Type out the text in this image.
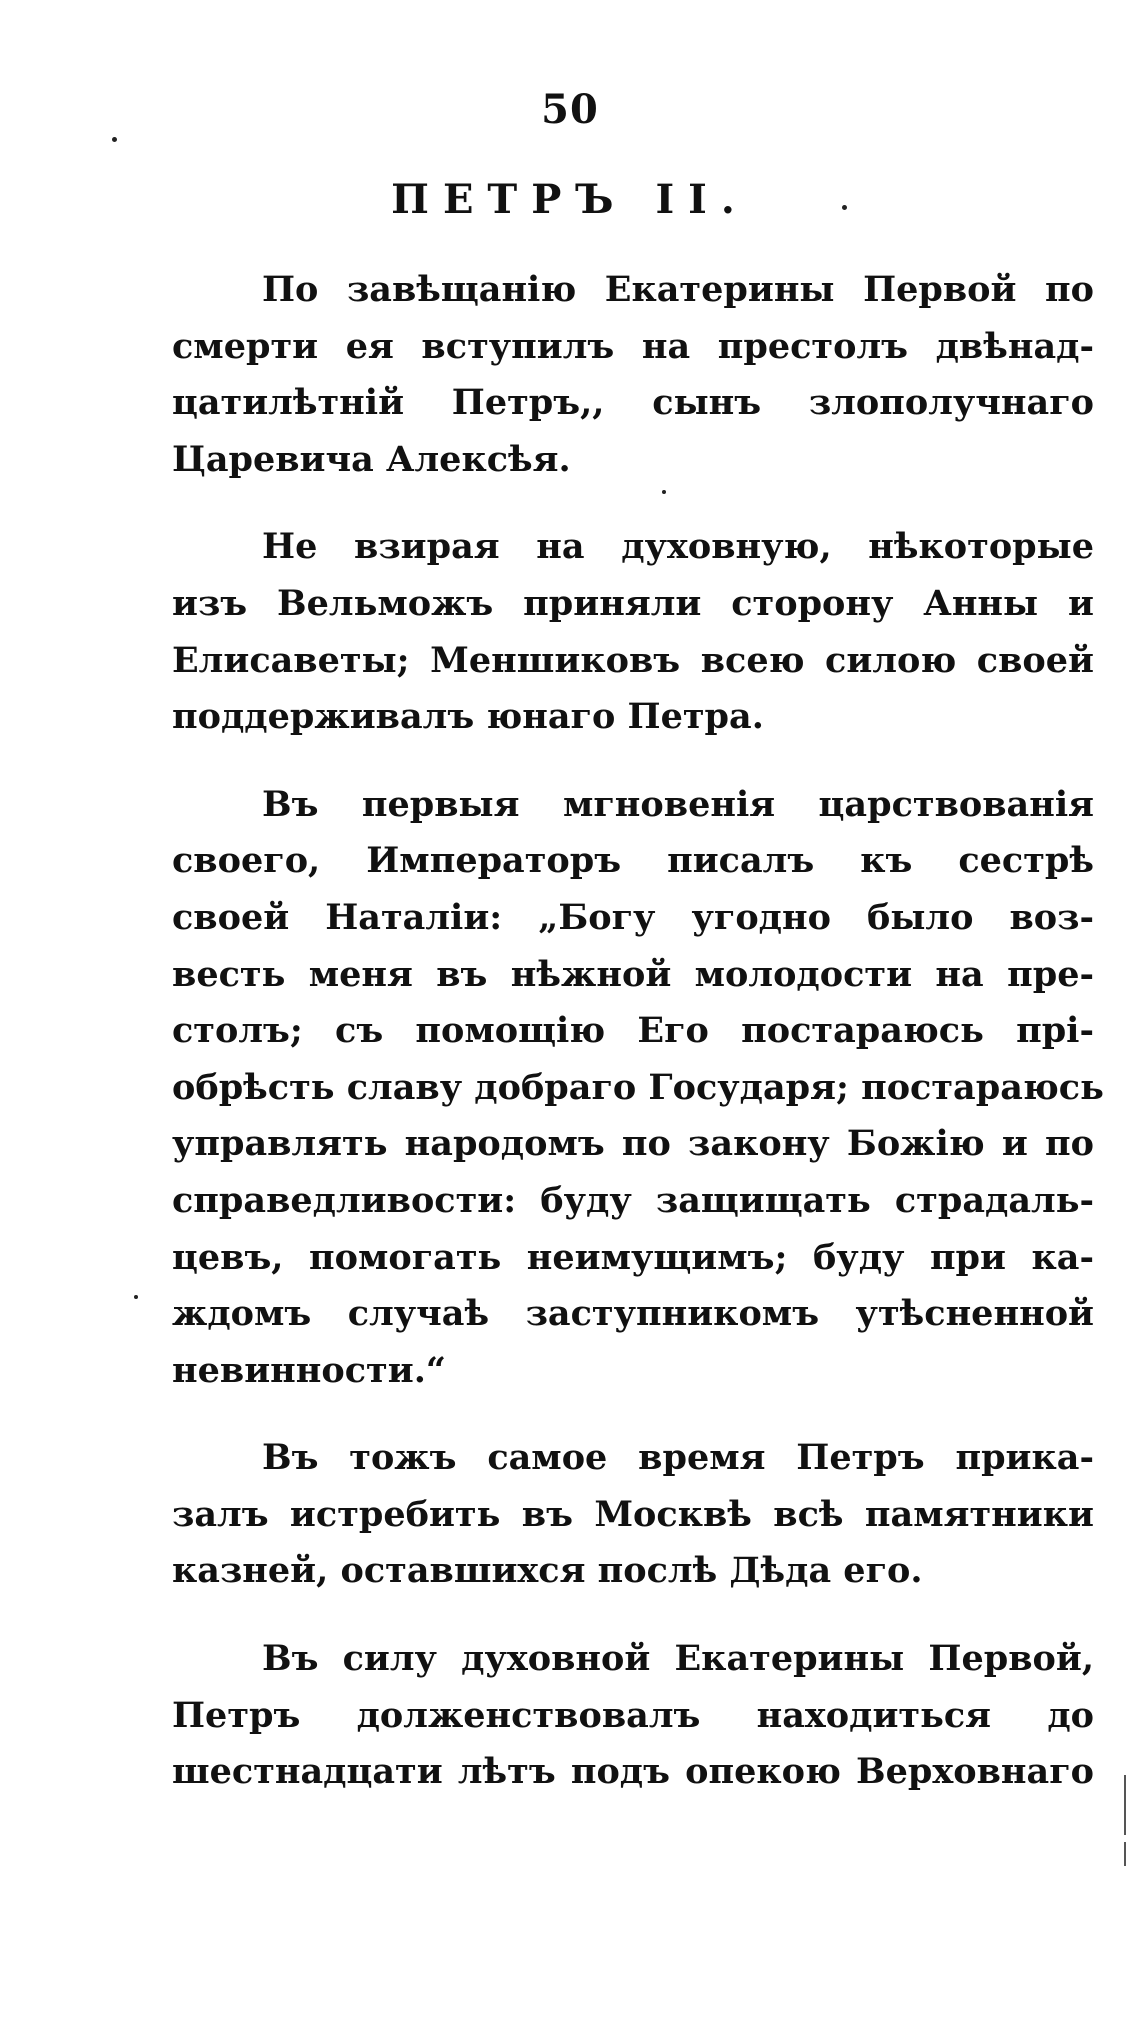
50
ПЕТРЪ II.

По завѣщанію Екатерины Первой по
смерти ея вступилъ на престолъ двѣнад-
цатилѣтній Петръ,, сынъ злополучнаго
Царевича Алексѣя.

Не взирая на духовную, нѣкоторые
изъ Вельможъ приняли сторону Анны и
Елисаветы; Меншиковъ всею силою своей
поддерживалъ юнаго Петра.

Въ первыя мгновенія царствованія
своего, Императоръ писалъ къ сестрѣ
своей Наталіи: „Богу угодно было воз-
весть меня въ нѣжной молодости на пре-
столъ; съ помощію Его постараюсь прі-
обрѣсть славу добраго Государя; постараюсь
управлять народомъ по закону Божію и по
справедливости: буду защищать страдаль-
цевъ, помогать неимущимъ; буду при ка-
ждомъ случаѣ заступникомъ утѣсненной
невинности.“

Въ тожъ самое время Петръ прика-
залъ истребить въ Москвѣ всѣ памятники
казней, оставшихся послѣ Дѣда его.

Въ силу духовной Екатерины Первой,
Петръ долженствовалъ находиться до
шестнадцати лѣтъ подъ опекою Верховнаго
